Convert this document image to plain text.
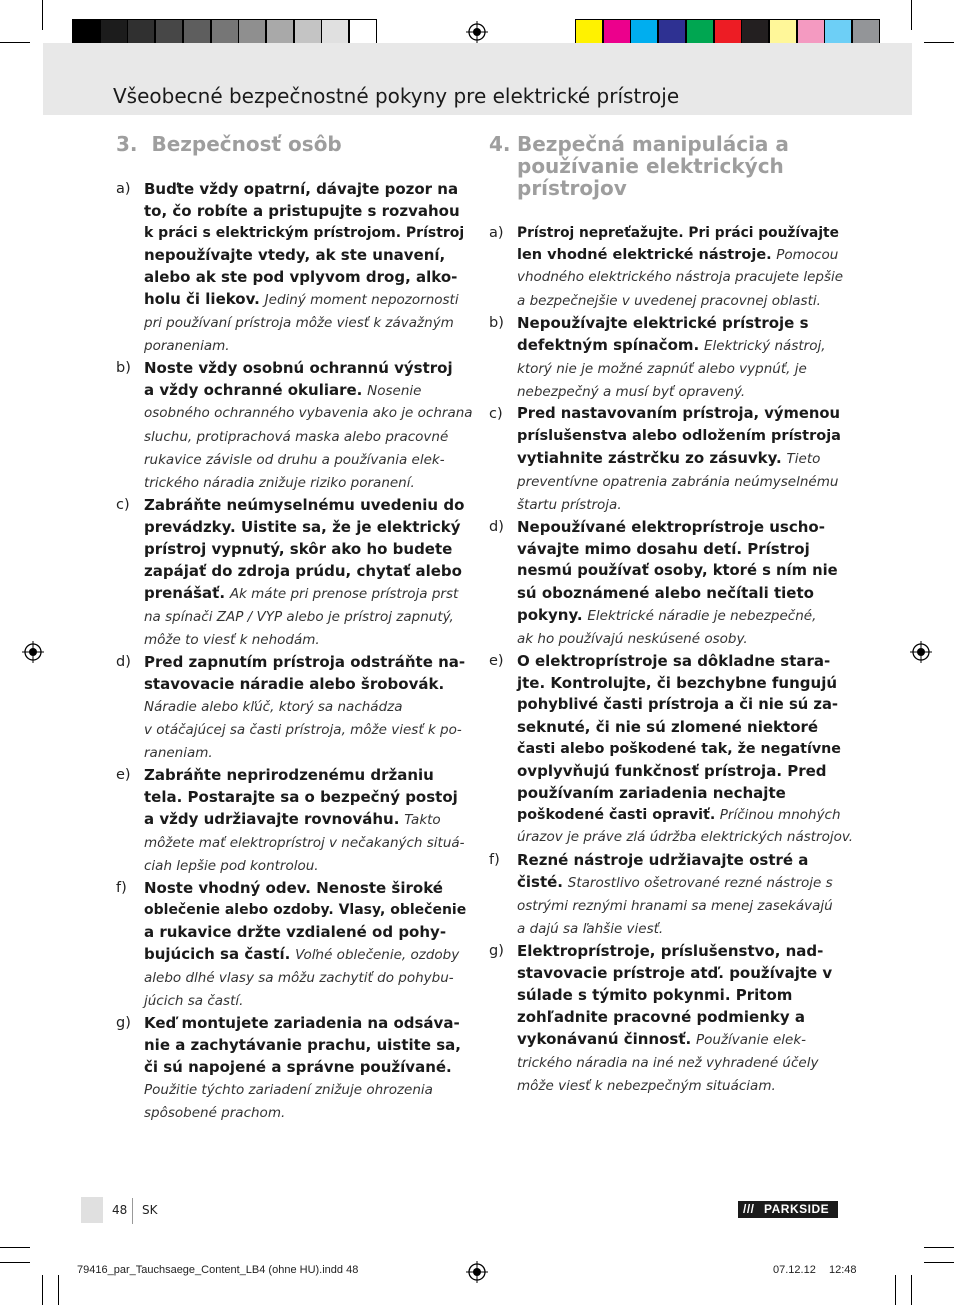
Všeobecné bezpečnostné pokyny pre elektrické prístroje
3. Bezpečnosť osôb	4. Bezpečná manipulácia a
používanie elektrických
prístrojov
a) Buďte vždy opatrní, dávajte pozor na
to, čo robíte a pristupujte s rozvahou
k práci s elektrickým prístrojom. Prístroj
nepoužívajte vtedy, ak ste unavení,
alebo ak ste pod vplyvom drog, alko-
holu či liekov. Jediný moment nepozornosti
pri používaní prístroja môže viesť k závažným
poraneniam.
b) Noste vždy osobnú ochrannú výstroj
a vždy ochranné okuliare. Nosenie
osobného ochranného vybavenia ako je ochrana
sluchu, protiprachová maska alebo pracovné
rukavice závisle od druhu a používania elek-
trického náradia znižuje riziko poranení.
c) Zabráňte neúmyselnému uvedeniu do
prevádzky. Uistite sa, že je elektrický
prístroj vypnutý, skôr ako ho budete
zapájať do zdroja prúdu, chytať alebo
prenášať. Ak máte pri prenose prístroja prst
na spínači ZAP / VYP alebo je prístroj zapnutý,
môže to viesť k nehodám.
d) Pred zapnutím prístroja odstráňte na-
stavovacie náradie alebo šrobovák.
Náradie alebo kľúč, ktorý sa nachádza
v otáčajúcej sa časti prístroja, môže viesť k po-
raneniam.
e) Zabráňte neprirodzenému držaniu
tela. Postarajte sa o bezpečný postoj
a vždy udržiavajte rovnováhu. Takto
môžete mať elektroprístroj v nečakaných situá-
ciah lepšie pod kontrolou.
f) Noste vhodný odev. Nenoste široké
oblečenie alebo ozdoby. Vlasy, oblečenie
a rukavice držte vzdialené od pohy-
bujúcich sa častí. Voľné oblečenie, ozdoby
alebo dlhé vlasy sa môžu zachytiť do pohybu-
júcich sa častí.
g) Keď montujete zariadenia na odsáva-
nie a zachytávanie prachu, uistite sa,
či sú napojené a správne používané.
Použitie týchto zariadení znižuje ohrozenia
spôsobené prachom.
a) Prístroj nepreťažujte. Pri práci používajte
len vhodné elektrické nástroje. Pomocou
vhodného elektrického nástroja pracujete lepšie
a bezpečnejšie v uvedenej pracovnej oblasti.
b) Nepoužívajte elektrické prístroje s
defektným spínačom. Elektrický nástroj,
ktorý nie je možné zapnúť alebo vypnúť, je
nebezpečný a musí byť opravený.
c) Pred nastavovaním prístroja, výmenou
príslušenstva alebo odložením prístroja
vytiahnite zástrčku zo zásuvky. Tieto
preventívne opatrenia zabránia neúmyselnému
štartu prístroja.
d) Nepoužívané elektroprístroje uscho-
vávajte mimo dosahu detí. Prístroj
nesmú používať osoby, ktoré s ním nie
sú oboznámené alebo nečítali tieto
pokyny. Elektrické náradie je nebezpečné,
ak ho používajú neskúsené osoby.
e) O elektroprístroje sa dôkladne stara-
jte. Kontrolujte, či bezchybne fungujú
pohyblivé časti prístroja a či nie sú za-
seknuté, či nie sú zlomené niektoré
časti alebo poškodené tak, že negatívne
ovplyvňujú funkčnosť prístroja. Pred
používaním zariadenia nechajte
poškodené časti opraviť. Príčinou mnohých
úrazov je práve zlá údržba elektrických nástrojov.
f) Rezné nástroje udržiavajte ostré a
čisté. Starostlivo ošetrované rezné nástroje s
ostrými reznými hranami sa menej zasekávajú
a dajú sa ľahšie viesť.
g) Elektroprístroje, príslušenstvo, nad-
stavovacie prístroje atď. používajte v
súlade s týmito pokynmi. Pritom
zohľadnite pracovné podmienky a
vykonávanú činnosť. Používanie elek-
trického náradia na iné než vyhradené účely
môže viesť k nebezpečným situáciam.
48 SK	/// PARKSIDE
79416_par_Tauchsaege_Content_LB4 (ohne HU).indd 48	07.12.12 12:48
